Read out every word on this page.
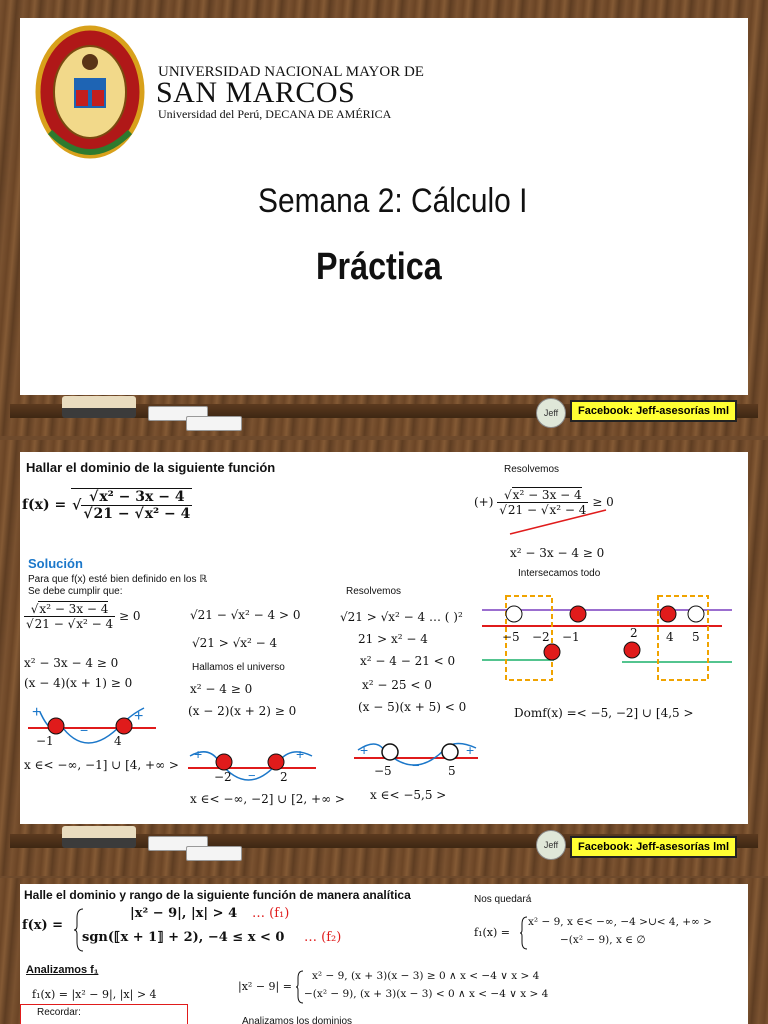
UNIVERSIDAD NACIONAL MAYOR DE
SAN MARCOS
Universidad del Perú, DECANA DE AMÉRICA
Semana 2: Cálculo I
Práctica
Jeff	Facebook: Jeff-asesorías lml
Hallar el dominio de la siguiente función
f(x) = √ $\frac{\text{√x² − 3x − 4}}{\text{√21 − √x² − 4}}$
Solución
Para que f(x) esté bien definido en los ℝ
Se debe cumplir que:
$\frac{\text{√x² − 3x − 4}}{\text{√21 − √x² − 4}} \ge 0$
x² − 3x − 4 ≥ 0
(x − 4)(x + 1) ≥ 0
+
−
+
−1	4
x ∈< −∞, −1] ∪ [4, +∞ >
√21 − √x² − 4 > 0
√21 > √x² − 4
Hallamos el universo
x² − 4 ≥ 0
(x − 2)(x + 2) ≥ 0
+
−
+
−2	2
x ∈< −∞, −2] ∪ [2, +∞ >
Resolvemos
√21 > √x² − 4 … ( )²
21 > x² − 4
x² − 4 − 21 < 0
x² − 25 < 0
(x − 5)(x + 5) < 0
+
−
+
−5	5
x ∈< −5,5 >
Resolvemos
(+) $\frac{\text{√x² − 3x − 4}}{\text{√21 − √x² − 4}} \ge 0$
x² − 3x − 4 ≥ 0
Intersecamos todo
−5 −2 −1	2 4 5
Domf(x) =< −5, −2] ∪ [4,5 >
Jeff	Facebook: Jeff-asesorías lml
Halle el dominio y rango de la siguiente función de manera analítica
f(x) =
|x² − 9|, |x| > 4 … (f₁)
sgn(⟦x + 1⟧ + 2), −4 ≤ x < 0 … (f₂)
Analizamos f₁
f₁(x) = |x² − 9|, |x| > 4
Recordar:
|x² − 9| =
x² − 9, (x + 3)(x − 3) ≥ 0 ∧ x < −4 ∨ x > 4
−(x² − 9), (x + 3)(x − 3) < 0 ∧ x < −4 ∨ x > 4
Analizamos los dominios
Nos quedará
f₁(x) =
x² − 9, x ∈< −∞, −4 >∪< 4, +∞ >
−(x² − 9), x ∈ ∅
